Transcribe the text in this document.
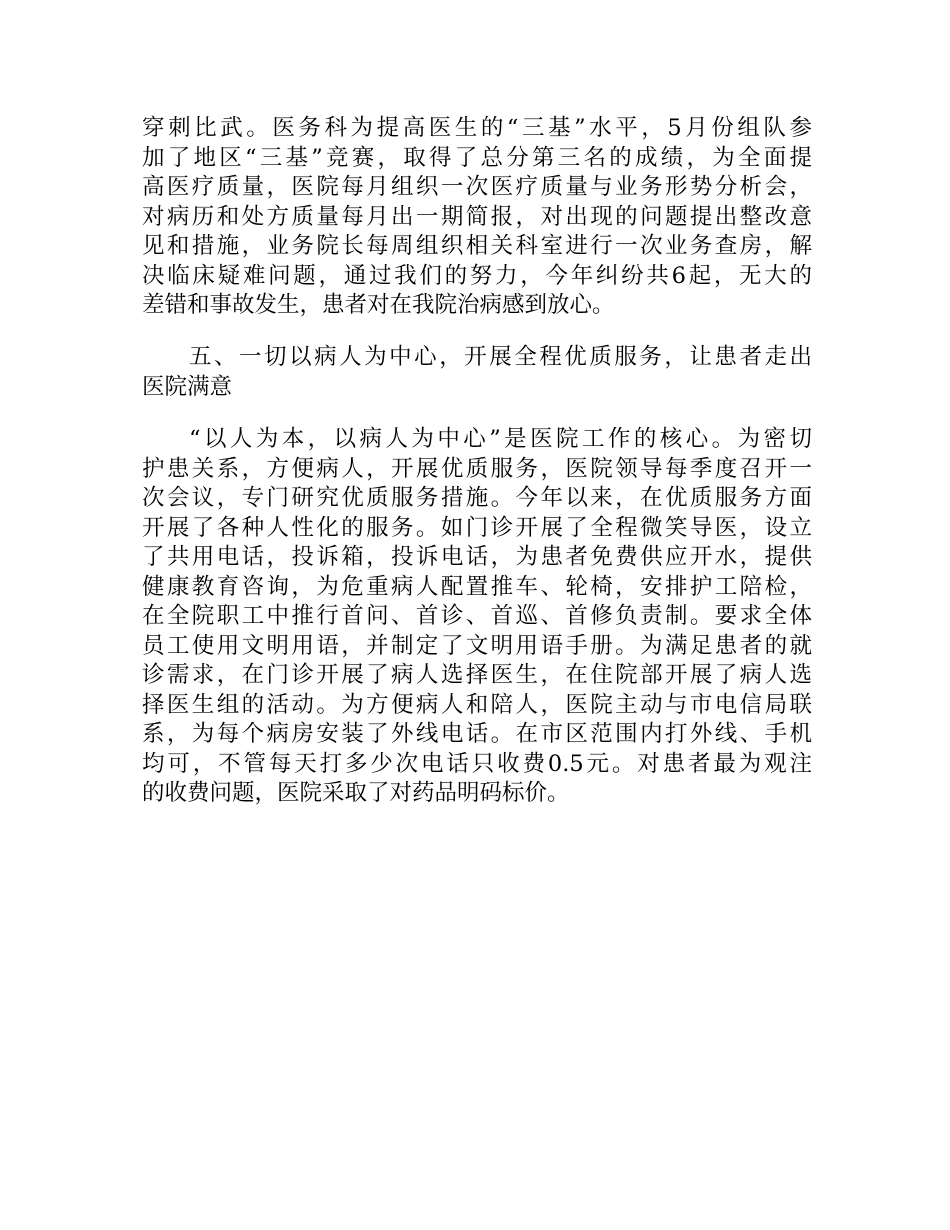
穿刺比武。医务科为提高医生的“三基”水平，5月份组队参
加了地区“三基”竞赛，取得了总分第三名的成绩，为全面提
高医疗质量，医院每月组织一次医疗质量与业务形势分析会，
对病历和处方质量每月出一期简报，对出现的问题提出整改意
见和措施，业务院长每周组织相关科室进行一次业务查房，解
决临床疑难问题，通过我们的努力，今年纠纷共6起，无大的
差错和事故发生，患者对在我院治病感到放心。
五、一切以病人为中心，开展全程优质服务，让患者走出
医院满意
“以人为本，以病人为中心”是医院工作的核心。为密切
护患关系，方便病人，开展优质服务，医院领导每季度召开一
次会议，专门研究优质服务措施。今年以来，在优质服务方面
开展了各种人性化的服务。如门诊开展了全程微笑导医，设立
了共用电话，投诉箱，投诉电话，为患者免费供应开水，提供
健康教育咨询，为危重病人配置推车、轮椅，安排护工陪检，
在全院职工中推行首问、首诊、首巡、首修负责制。要求全体
员工使用文明用语，并制定了文明用语手册。为满足患者的就
诊需求，在门诊开展了病人选择医生，在住院部开展了病人选
择医生组的活动。为方便病人和陪人，医院主动与市电信局联
系，为每个病房安装了外线电话。在市区范围内打外线、手机
均可，不管每天打多少次电话只收费0.5元。对患者最为观注
的收费问题，医院采取了对药品明码标价。
